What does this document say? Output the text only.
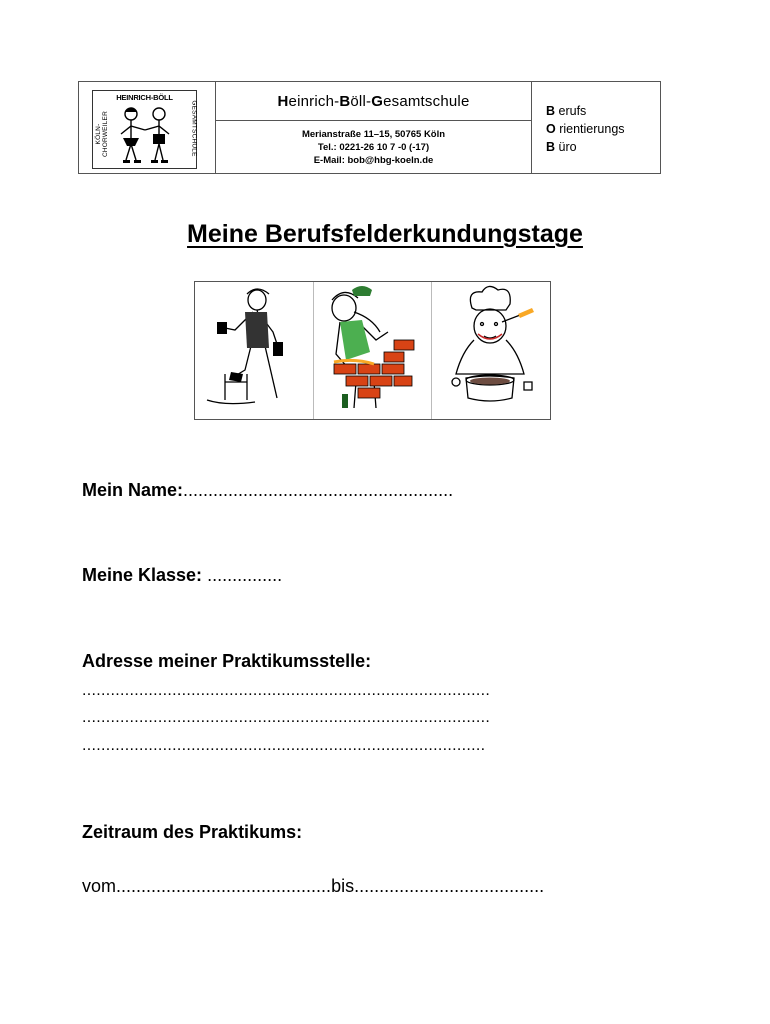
HEINRICH-BÖLL
KÖLN-CHORWEILER	GESAMTSCHULE	H einrich- B öll- G esamtschule
Merianstraße 11–15, 50765 Köln
Tel.: 0221-26 10 7 -0 (-17)
E-Mail: bob@hbg-koeln.de
B erufs
O rientierungs
B üro
Meine Berufsfelderkundungstage
Mein Name:......................................................
Meine Klasse: ...............
Adresse meiner Praktikumsstelle:
......................................................................................
......................................................................................
.....................................................................................
Zeitraum des Praktikums:
vom...........................................bis......................................
